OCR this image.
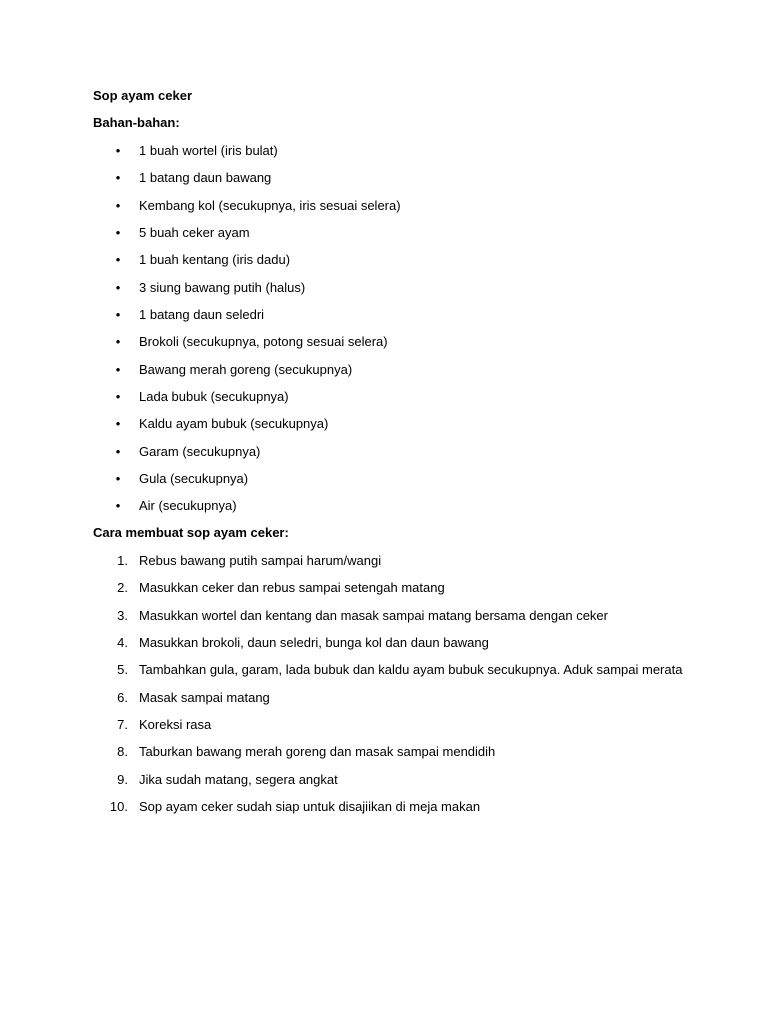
Sop ayam ceker
Bahan-bahan:
•	1 buah wortel (iris bulat)
•	1 batang daun bawang
•	Kembang kol (secukupnya, iris sesuai selera)
•	5 buah ceker ayam
•	1 buah kentang (iris dadu)
•	3 siung bawang putih (halus)
•	1 batang daun seledri
•	Brokoli (secukupnya, potong sesuai selera)
•	Bawang merah goreng (secukupnya)
•	Lada bubuk (secukupnya)
•	Kaldu ayam bubuk (secukupnya)
•	Garam (secukupnya)
•	Gula (secukupnya)
•	Air (secukupnya)
Cara membuat sop ayam ceker:
1. Rebus bawang putih sampai harum/wangi
2. Masukkan ceker dan rebus sampai setengah matang
3. Masukkan wortel dan kentang dan masak sampai matang bersama dengan ceker
4. Masukkan brokoli, daun seledri, bunga kol dan daun bawang
5. Tambahkan gula, garam, lada bubuk dan kaldu ayam bubuk secukupnya. Aduk sampai merata
6. Masak sampai matang
7. Koreksi rasa
8. Taburkan bawang merah goreng dan masak sampai mendidih
9. Jika sudah matang, segera angkat
10. Sop ayam ceker sudah siap untuk disajiikan di meja makan
